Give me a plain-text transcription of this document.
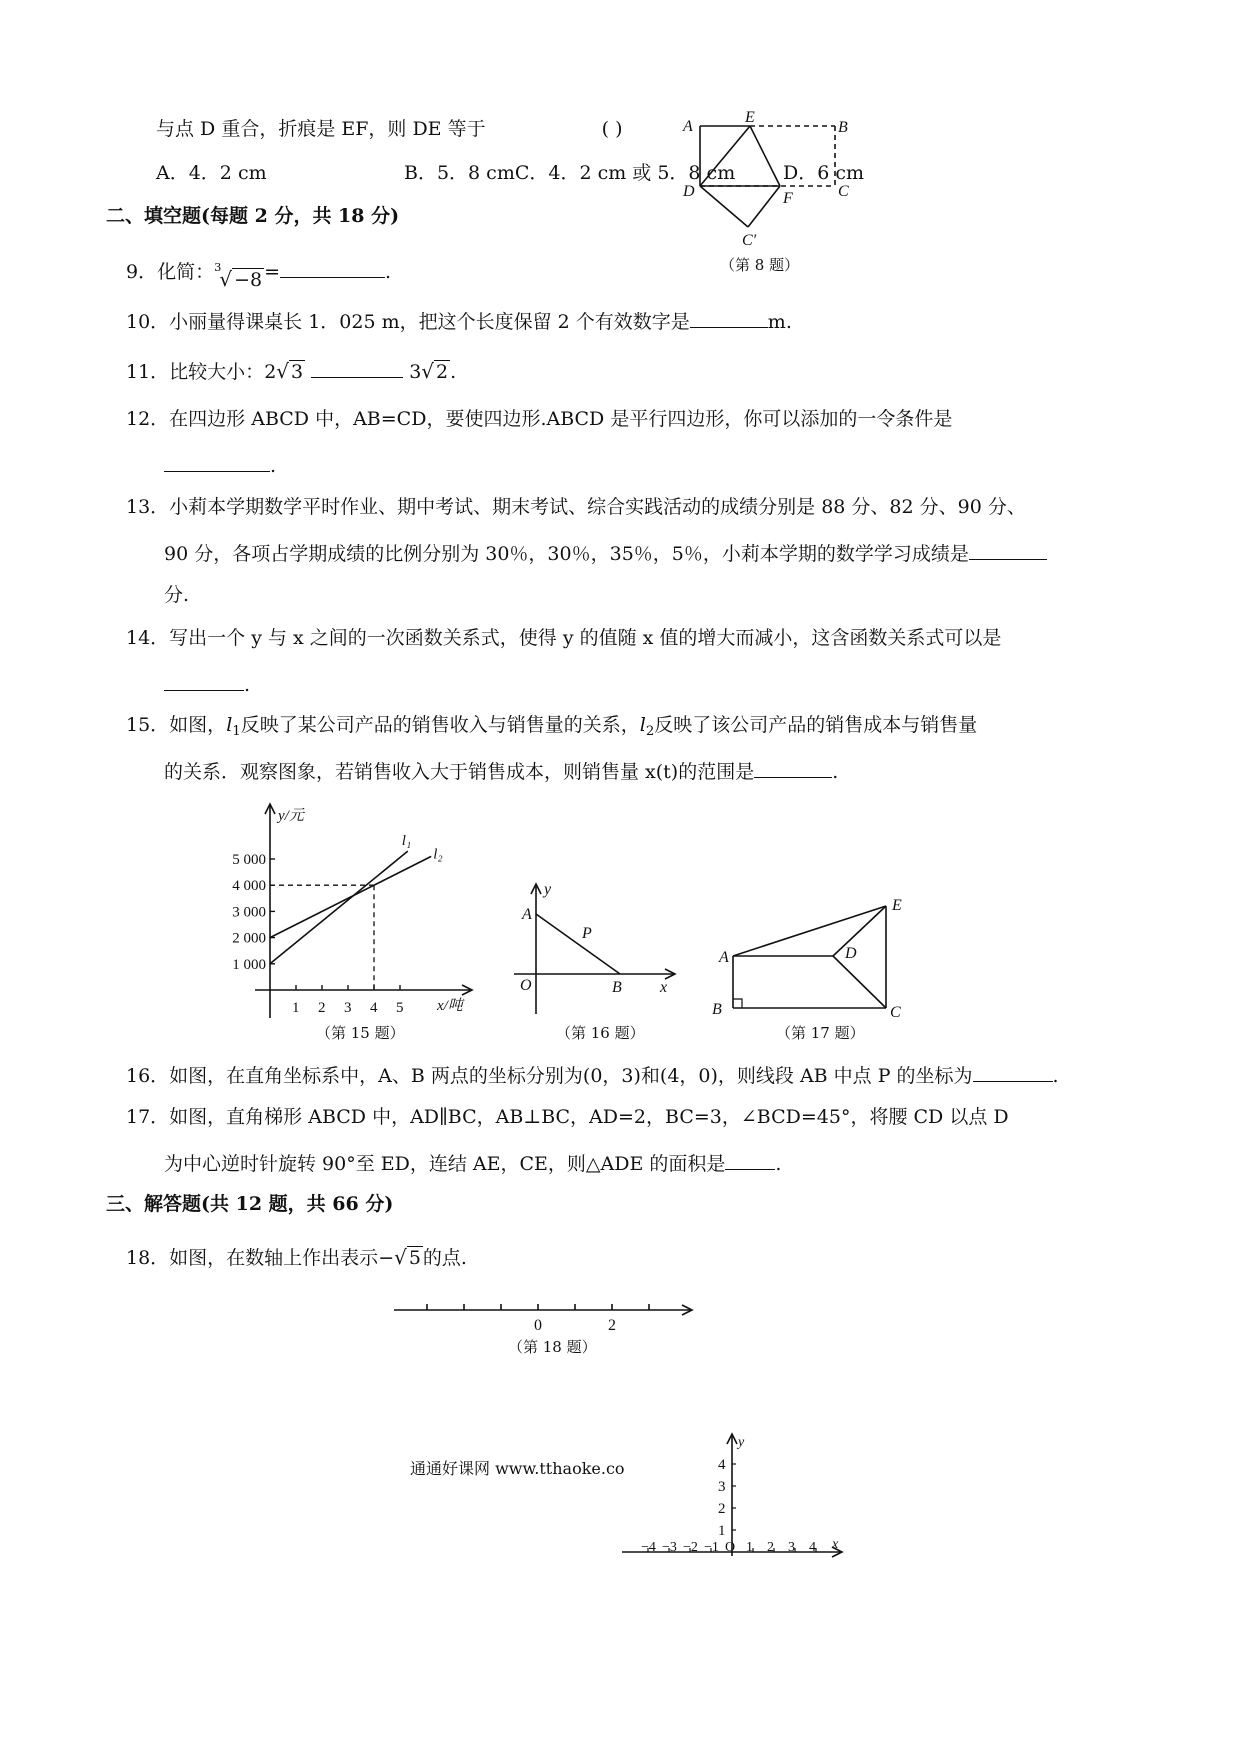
与点 D 重合，折痕是 EF，则 DE 等于	( )
A．4．2 cm	B．5．8 cmC．4．2 cm 或 5．8 cm	D．6 cm
A
E
B
D	F	C
C′
（第 8 题）
二、填空题(每题 2 分，共 18 分)
9．化简： 3
√ −8 =	.
10．小丽量得课桌长 1．025 m，把这个长度保留 2 个有效数字是	m.
11．比较大小：2 √ 3	3 √ 2 .
12．在四边形 ABCD 中，AB=CD，要使四边形.ABCD 是平行四边形，你可以添加的一令条件是
.
13．小莉本学期数学平时作业、期中考试、期末考试、综合实践活动的成绩分别是 88 分、82 分、90 分、
90 分，各项占学期成绩的比例分别为 30％，30％，35％，5％，小莉本学期的数学学习成绩是
分.
14．写出一个 y 与 x 之间的一次函数关系式，使得 y 的值随 x 值的增大而减小，这含函数关系式可以是
.
15．如图，$l_1$反映了某公司产品的销售收入与销售量的关系，$l_2$反映了该公司产品的销售成本与销售量
的关系．观察图象，若销售收入大于销售成本，则销售量 x(t)的范围是	.
1 2 3 4 5
1 000
2 000
3 000
4 000
5 000
y/元
x/吨
l₁
l₂
（第 15 题）
y
A
P
O	B x
（第 16 题）
A
B	C
D
E
（第 17 题）
16．如图，在直角坐标系中，A、B 两点的坐标分别为(0，3)和(4，0)，则线段 AB 中点 P 的坐标为	.
17．如图，直角梯形 ABCD 中，AD∥BC，AB⊥BC，AD=2，BC=3，∠BCD=45°，将腰 CD 以点 D
为中心逆时针旋转 90°至 ED，连结 AE，CE，则△ADE 的面积是	.
三、解答题(共 12 题，共 66 分)
18．如图，在数轴上作出表示− √ 5 的点.
0	2
（第 18 题）
通通好课网 www.tthaoke.co
1
2
3
4
−4 −3 −2 −1 O 1 2 3 4
y
x
